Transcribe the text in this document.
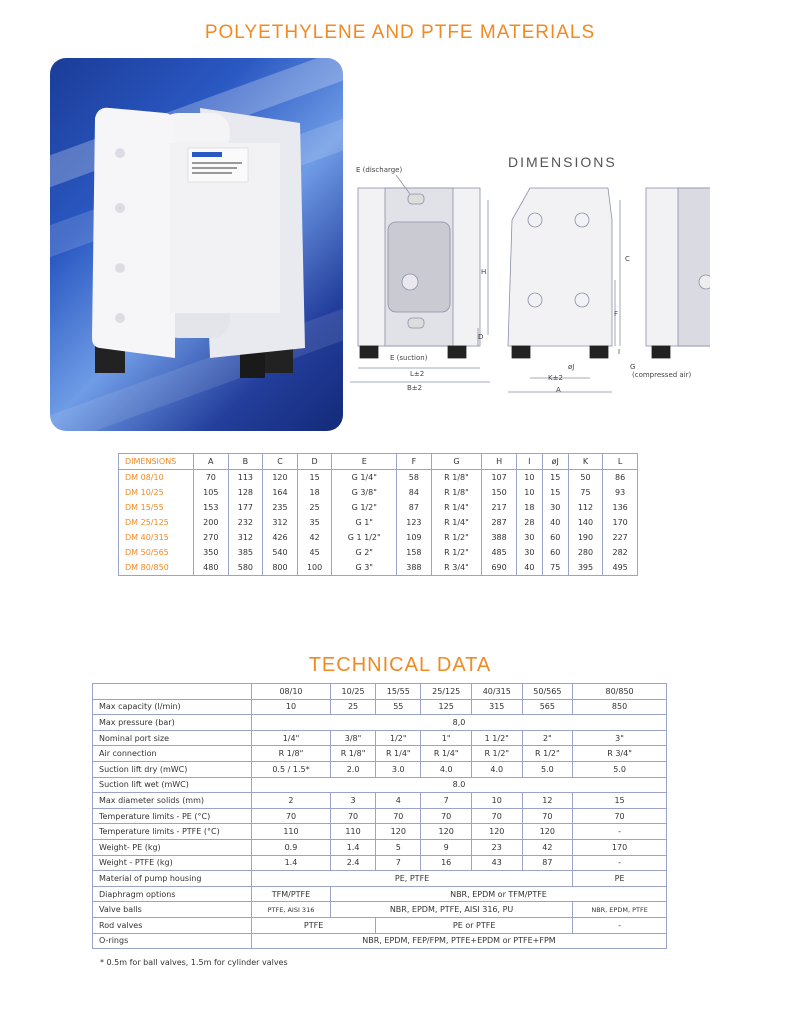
POLYETHYLENE AND PTFE MATERIALS
DIMENSIONS
E (discharge)
E (suction)
L±2
B±2
H
D
C
F
I
øJ
K±2
A
G
(compressed air)
DIMENSIONS	A	B	C	D	E	F	G	H	I	øJ	K	L
DM 08/10	70	113	120	15	G 1/4"	58	R 1/8"	107	10	15	50	86
DM 10/25	105	128	164	18	G 3/8"	84	R 1/8"	150	10	15	75	93
DM 15/55	153	177	235	25	G 1/2"	87	R 1/4"	217	18	30	112	136
DM 25/125	200	232	312	35	G 1"	123	R 1/4"	287	28	40	140	170
DM 40/315	270	312	426	42	G 1 1/2"	109	R 1/2"	388	30	60	190	227
DM 50/565	350	385	540	45	G 2"	158	R 1/2"	485	30	60	280	282
DM 80/850	480	580	800	100	G 3"	388	R 3/4"	690	40	75	395	495
TECHNICAL DATA
	08/10	10/25	15/55	25/125	40/315	50/565	80/850
Max capacity (l/min)	10	25	55	125	315	565	850
Max pressure (bar)	8,0						
Nominal port size	1/4"	3/8"	1/2"	1"	1 1/2"	2"	3"
Air connection	R 1/8"	R 1/8"	R 1/4"	R 1/4"	R 1/2"	R 1/2"	R 3/4"
Suction lift dry (mWC)	0.5 / 1.5*	2.0	3.0	4.0	4.0	5.0	5.0
Suction lift wet (mWC)	8.0						
Max diameter solids (mm)	2	3	4	7	10	12	15
Temperature limits - PE (°C)	70	70	70	70	70	70	70
Temperature limits - PTFE (°C)	110	110	120	120	120	120	-
Weight- PE (kg)	0.9	1.4	5	9	23	42	170
Weight - PTFE (kg)	1.4	2.4	7	16	43	87	-
Material of pump housing	PE, PTFE						PE
Diaphragm options	TFM/PTFE	NBR, EPDM or TFM/PTFE					
Valve balls	PTFE, AISI 316	NBR, EPDM, PTFE, AISI 316, PU					NBR, EPDM, PTFE
Rod valves	PTFE		PE or PTFE				-
O-rings	NBR, EPDM, FEP/FPM, PTFE+EPDM or PTFE+FPM						
* 0.5m for ball valves, 1.5m for cylinder valves
